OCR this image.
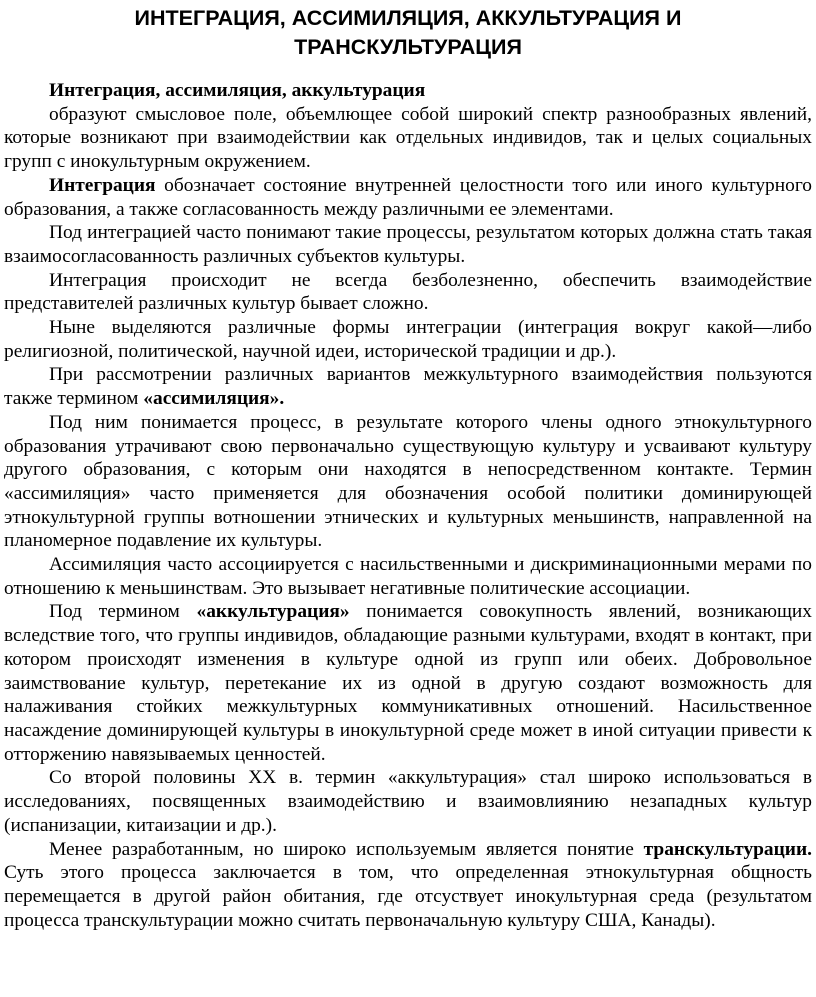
ИНТЕГРАЦИЯ, АССИМИЛЯЦИЯ, АККУЛЬТУРАЦИЯ И
ТРАНСКУЛЬТУРАЦИЯ

Интеграция, ассимиляция, аккультурация

образуют смысловое поле, объемлющее собой широкий спектр разнообразных явлений, которые возникают при взаимодействии как отдельных индивидов, так и целых социальных групп с инокультурным окружением.

Интеграция обозначает состояние внутренней целостности того или иного культурного образования, а также согласованность между различными ее элементами.

Под интеграцией часто понимают такие процессы, результатом которых должна стать такая взаимосогласованность различных субъектов культуры.

Интеграция происходит не всегда безболезненно, обеспечить взаимодействие представителей различных культур бывает сложно.

Ныне выделяются различные формы интеграции (интеграция вокруг какой—либо религиозной, политической, научной идеи, исторической традиции и др.).

При рассмотрении различных вариантов межкультурного взаимодействия пользуются также термином «ассимиляция».

Под ним понимается процесс, в результате которого члены одного этнокультурного образования утрачивают свою первоначально существующую культуру и усваивают культуру другого образования, с которым они находятся в непосредственном контакте. Термин «ассимиляция» часто применяется для обозначения особой политики доминирующей этнокультурной группы вотношении этнических и культурных меньшинств, направленной на планомерное подавление их культуры.

Ассимиляция часто ассоциируется с насильственными и дискриминационными мерами по отношению к меньшинствам. Это вызывает негативные политические ассоциации.

Под термином «аккультурация» понимается совокупность явлений, возникающих вследствие того, что группы индивидов, обладающие разными культурами, входят в контакт, при котором происходят изменения в культуре одной из групп или обеих. Добровольное заимствование культур, перетекание их из одной в другую создают возможность для налаживания стойких межкультурных коммуникативных отношений. Насильственное насаждение доминирующей культуры в инокультурной среде может в иной ситуации привести к отторжению навязываемых ценностей.

Со второй половины XX в. термин «аккультурация» стал широко использоваться в исследованиях, посвященных взаимодействию и взаимовлиянию незападных культур (испанизации, китаизации и др.).

Менее разработанным, но широко используемым является понятие транскультурации. Суть этого процесса заключается в том, что определенная этнокультурная общность перемещается в другой район обитания, где отсуствует инокультурная среда (результатом процесса транскультурации можно считать первоначальную культуру США, Канады).
